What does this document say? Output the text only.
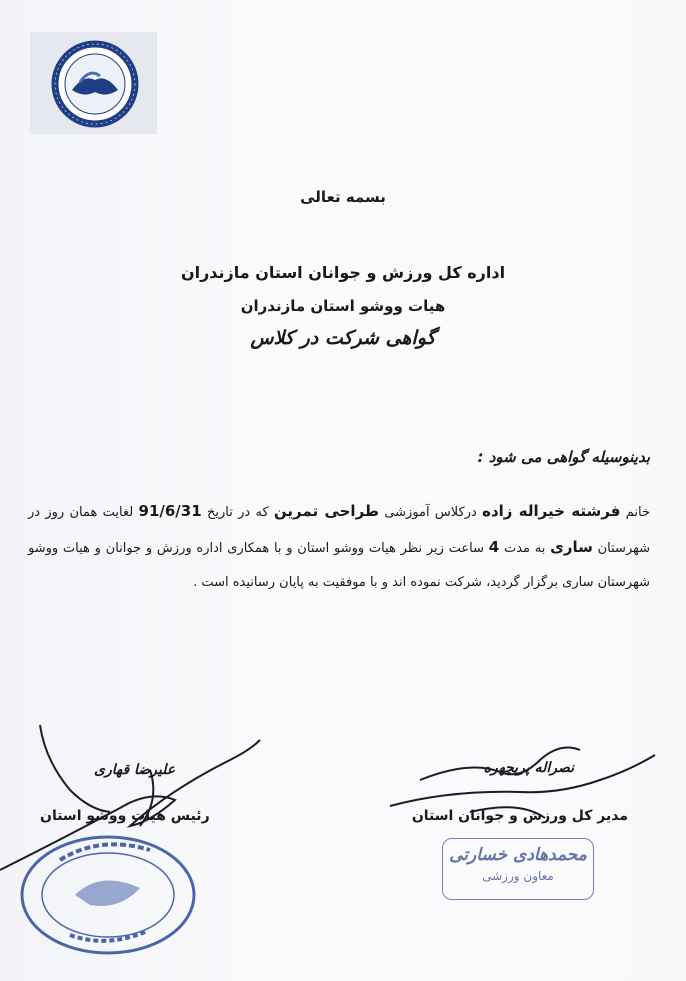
بسمه تعالی
اداره کل ورزش و جوانان استان مازندران
هیات ووشو استان مازندران
گواهی شرکت در کلاس
بدینوسیله گواهی می شود :
خانم فرشته خیراله زاده درکلاس آموزشی طراحی تمرین که در تاریخ 91/6/31 لغایت همان روز در شهرستان ساری به مدت 4 ساعت زیر نظر هیات ووشو استان و با همکاری اداره ورزش و جوانان و هیات ووشو شهرستان ساری برگزار گردید، شرکت نموده اند و با موفقیت به پایان رسانیده است .
نصراله پرپچهره
مدیر کل ورزش و جوانان استان
علیرضا قهاری
رئیس هیات ووشو استان
محمدهادی خسارتی
معاون ورزشی
